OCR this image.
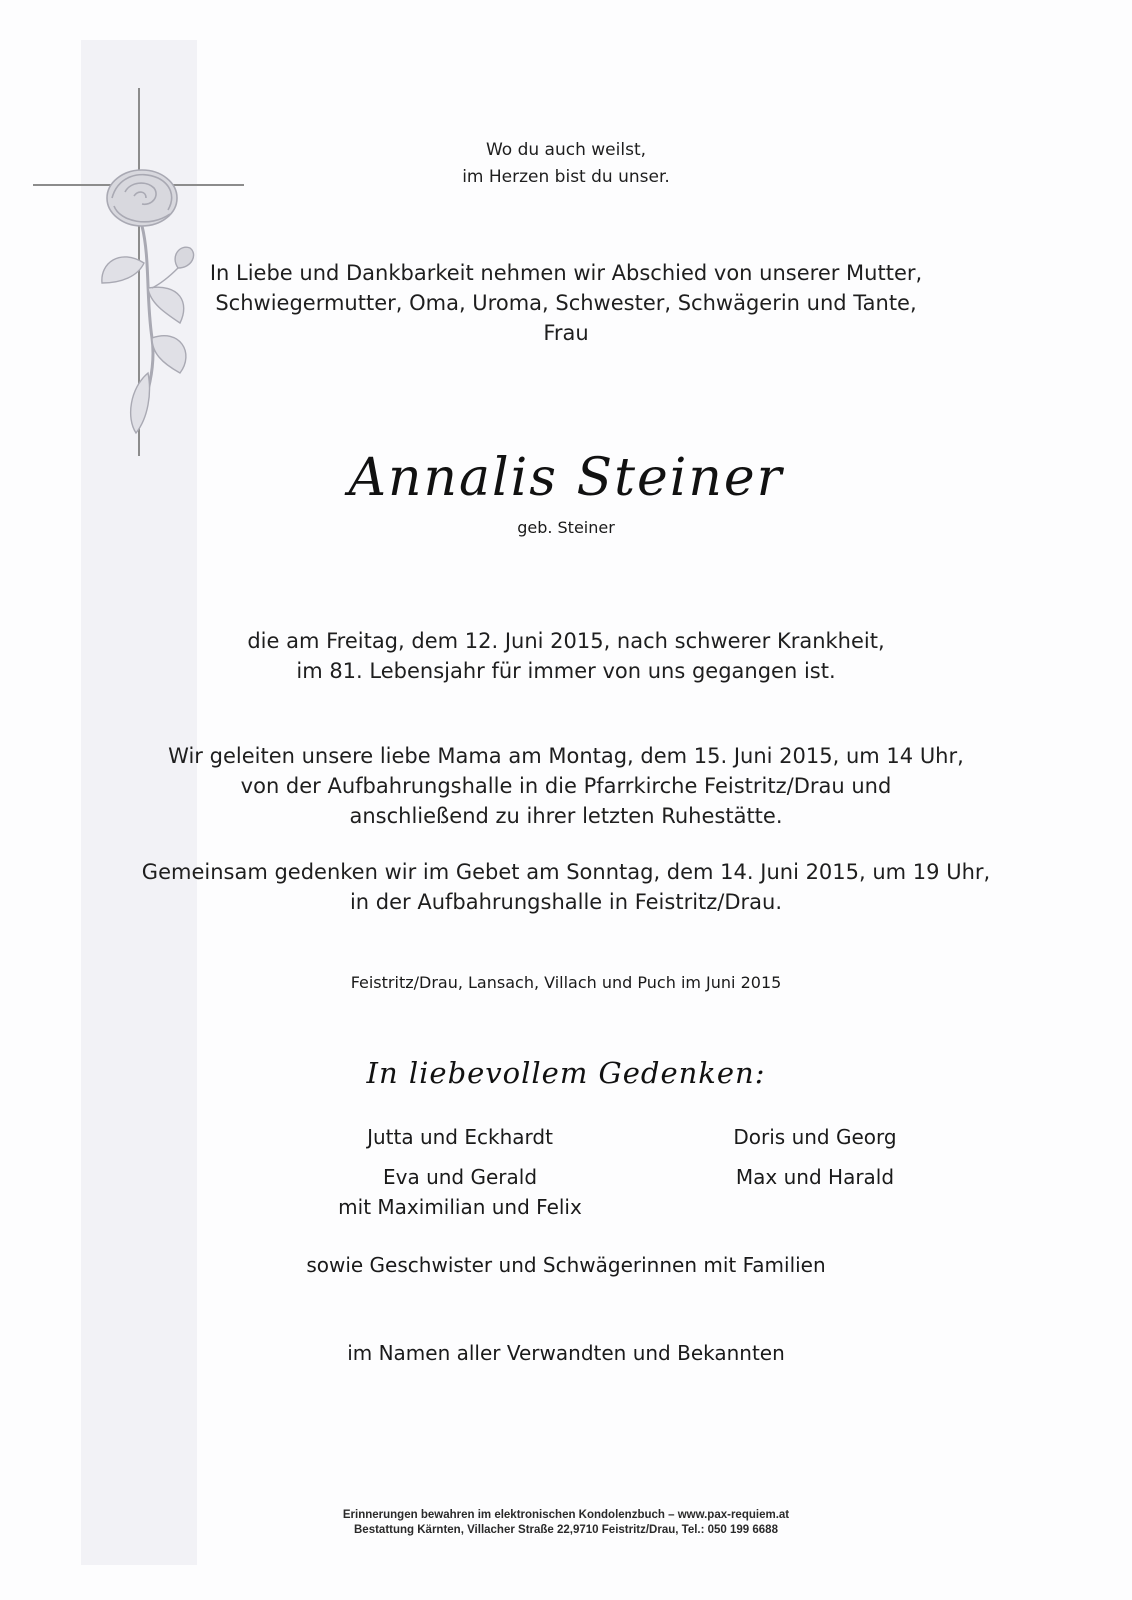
Wo du auch weilst,
im Herzen bist du unser.
In Liebe und Dankbarkeit nehmen wir Abschied von unserer Mutter,
Schwiegermutter, Oma, Uroma, Schwester, Schwägerin und Tante,
Frau
Annalis Steiner
geb. Steiner
die am Freitag, dem 12. Juni 2015, nach schwerer Krankheit,
im 81. Lebensjahr für immer von uns gegangen ist.
Wir geleiten unsere liebe Mama am Montag, dem 15. Juni 2015, um 14 Uhr,
von der Aufbahrungshalle in die Pfarrkirche Feistritz/Drau und
anschließend zu ihrer letzten Ruhestätte.
Gemeinsam gedenken wir im Gebet am Sonntag, dem 14. Juni 2015, um 19 Uhr,
in der Aufbahrungshalle in Feistritz/Drau.
Feistritz/Drau, Lansach, Villach und Puch im Juni 2015
In liebevollem Gedenken:
Jutta und Eckhardt
Eva und Gerald
mit Maximilian und Felix
Doris und Georg
Max und Harald
sowie Geschwister und Schwägerinnen mit Familien
im Namen aller Verwandten und Bekannten
Erinnerungen bewahren im elektronischen Kondolenzbuch – www.pax-requiem.at
Bestattung Kärnten, Villacher Straße 22,9710 Feistritz/Drau, Tel.: 050 199 6688
